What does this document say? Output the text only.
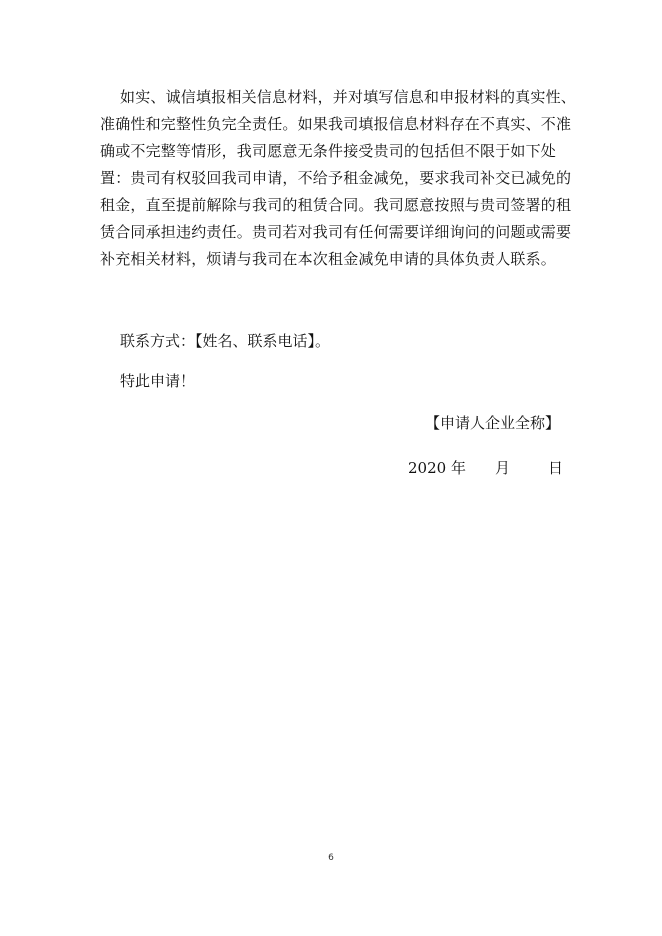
如实、诚信填报相关信息材料，并对填写信息和申报材料的真实性、
准确性和完整性负完全责任。如果我司填报信息材料存在不真实、不准
确或不完整等情形，我司愿意无条件接受贵司的包括但不限于如下处
置：贵司有权驳回我司申请，不给予租金减免，要求我司补交已减免的
租金，直至提前解除与我司的租赁合同。我司愿意按照与贵司签署的租
赁合同承担违约责任。贵司若对我司有任何需要详细询问的问题或需要
补充相关材料，烦请与我司在本次租金减免申请的具体负责人联系。
联系方式：【姓名、联系电话】。
特此申请！
【申请人企业全称】
2020 年 月	日
6
